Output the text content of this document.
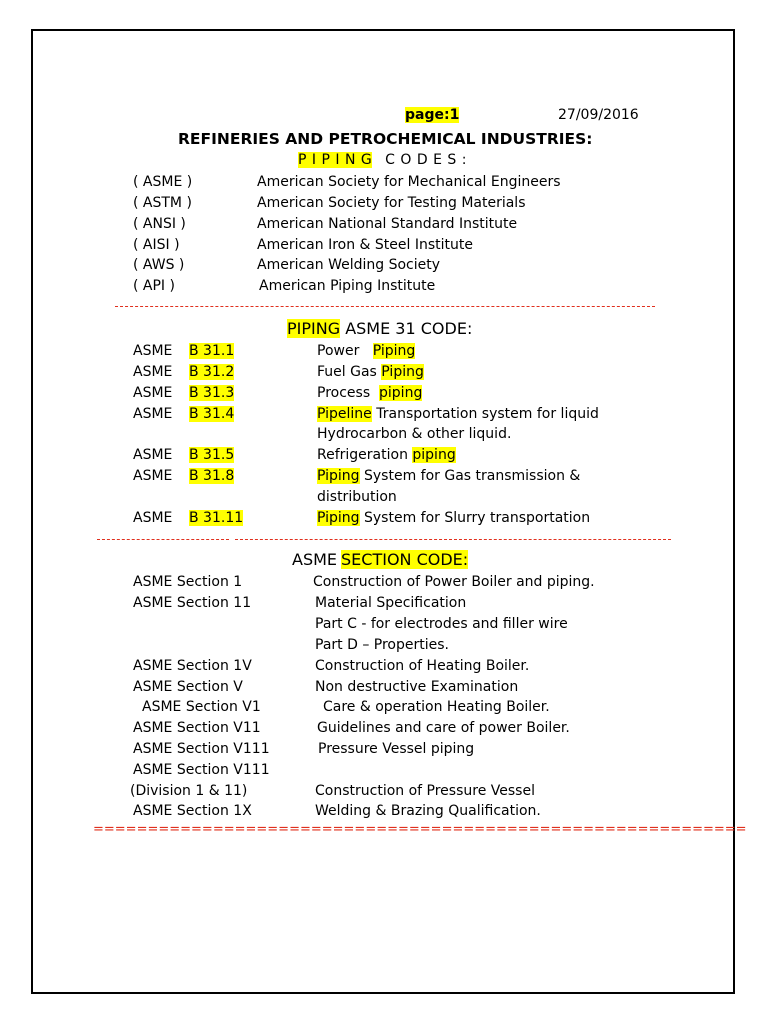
page:1	27/09/2016
REFINERIES AND PETROCHEMICAL INDUSTRIES:
P I P I N G C O D E S :
( ASME )	American Society for Mechanical Engineers
( ASTM )	American Society for Testing Materials
( ANSI )	American National Standard Institute
( AISI )	American Iron & Steel Institute
( AWS )	American Welding Society
( API )	American Piping Institute
PIPING ASME 31 CODE:
ASME B 31.1	Power   Piping
ASME B 31.2	Fuel Gas Piping
ASME B 31.3	Process  piping
ASME B 31.4	Pipeline Transportation system for liquid
Hydrocarbon & other liquid.
ASME B 31.5	Refrigeration piping
ASME B 31.8	Piping System for Gas transmission &
distribution
ASME B 31.11	Piping System for Slurry transportation
ASME SECTION CODE:
ASME Section 1	Construction of Power Boiler and piping.
ASME Section 11	Material Specification
Part C - for electrodes and filler wire
Part D – Properties.
ASME Section 1V	Construction of Heating Boiler.
ASME Section V	Non destructive Examination
ASME Section V1	Care & operation Heating Boiler.
ASME Section V11	Guidelines and care of power Boiler.
ASME Section V111	Pressure Vessel piping
ASME Section V111
(Division 1 & 11)	Construction of Pressure Vessel
ASME Section 1X	Welding & Brazing Qualification.
============================================================
